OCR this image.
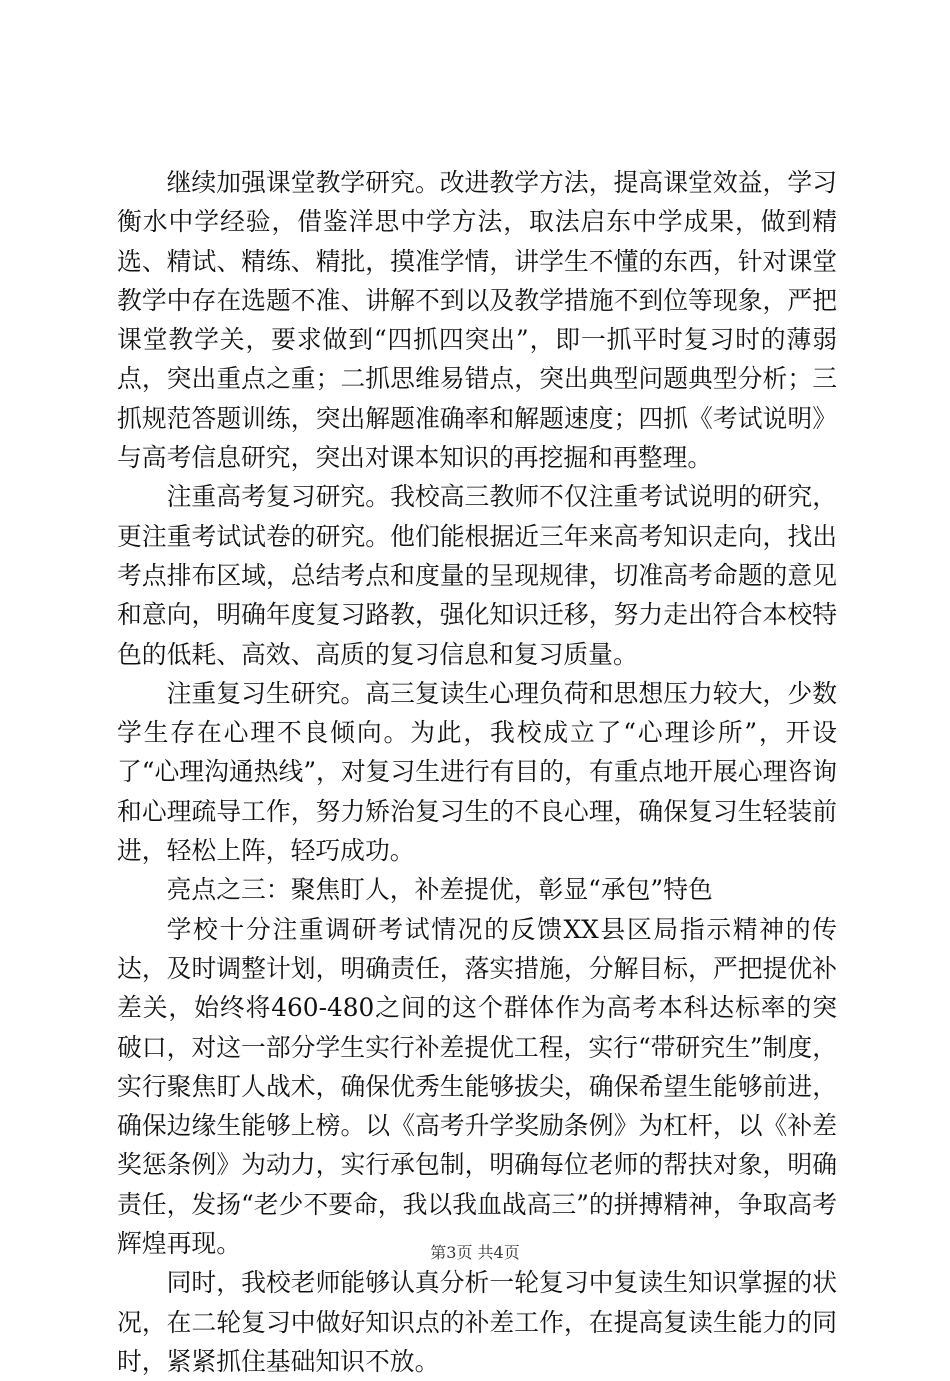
继续加强课堂教学研究。改进教学方法，提高课堂效益，学习衡水中学经验，借鉴洋思中学方法，取法启东中学成果，做到精选、精试、精练、精批，摸准学情，讲学生不懂的东西，针对课堂教学中存在选题不准、讲解不到以及教学措施不到位等现象，严把课堂教学关，要求做到“四抓四突出”，即一抓平时复习时的薄弱点，突出重点之重；二抓思维易错点，突出典型问题典型分析；三抓规范答题训练，突出解题准确率和解题速度；四抓《考试说明》与高考信息研究，突出对课本知识的再挖掘和再整理。

注重高考复习研究。我校高三教师不仅注重考试说明的研究，更注重考试试卷的研究。他们能根据近三年来高考知识走向，找出考点排布区域，总结考点和度量的呈现规律，切准高考命题的意见和意向，明确年度复习路教，强化知识迁移，努力走出符合本校特色的低耗、高效、高质的复习信息和复习质量。

注重复习生研究。高三复读生心理负荷和思想压力较大，少数学生存在心理不良倾向。为此，我校成立了“心理诊所”，开设了“心理沟通热线”，对复习生进行有目的，有重点地开展心理咨询和心理疏导工作，努力矫治复习生的不良心理，确保复习生轻装前进，轻松上阵，轻巧成功。

亮点之三：聚焦盯人，补差提优，彰显“承包”特色

学校十分注重调研考试情况的反馈XX县区局指示精神的传达，及时调整计划，明确责任，落实措施，分解目标，严把提优补差关，始终将460-480之间的这个群体作为高考本科达标率的突破口，对这一部分学生实行补差提优工程，实行“带研究生”制度，实行聚焦盯人战术，确保优秀生能够拔尖，确保希望生能够前进，确保边缘生能够上榜。以《高考升学奖励条例》为杠杆，以《补差奖惩条例》为动力，实行承包制，明确每位老师的帮扶对象，明确责任，发扬“老少不要命，我以我血战高三”的拼搏精神，争取高考辉煌再现。

同时，我校老师能够认真分析一轮复习中复读生知识掌握的状况，在二轮复习中做好知识点的补差工作，在提高复读生能力的同时，紧紧抓住基础知识不放。

第3页 共4页
